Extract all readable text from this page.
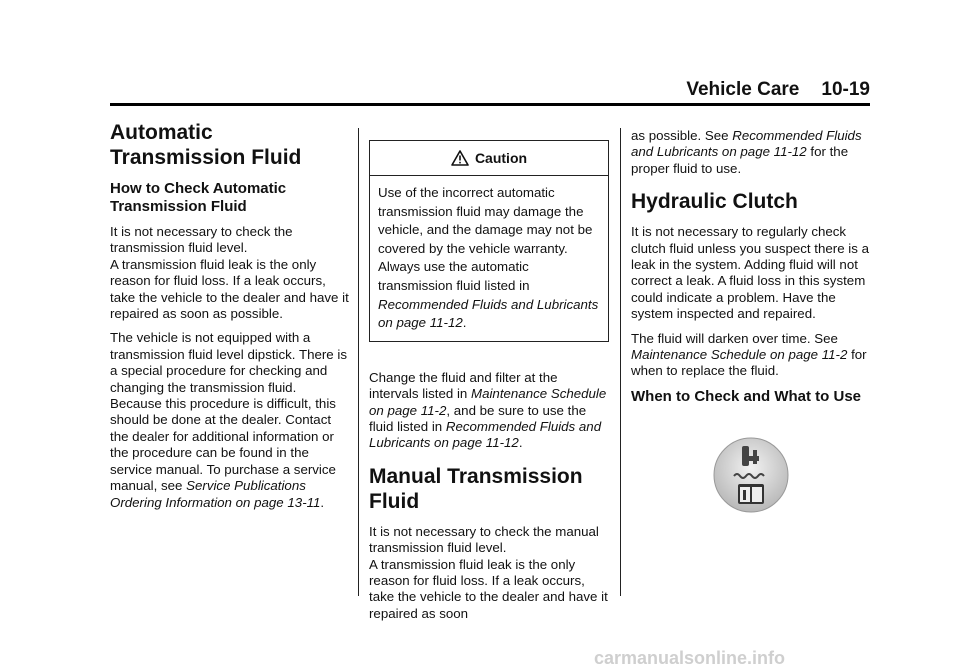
Vehicle Care 10-19
Automatic Transmission Fluid
How to Check Automatic Transmission Fluid

It is not necessary to check the transmission fluid level.

A transmission fluid leak is the only reason for fluid loss. If a leak occurs, take the vehicle to the dealer and have it repaired as soon as possible.

The vehicle is not equipped with a transmission fluid level dipstick. There is a special procedure for checking and changing the transmission fluid. Because this procedure is difficult, this should be done at the dealer. Contact the dealer for additional information or the procedure can be found in the service manual. To purchase a service manual, see Service Publications Ordering Information on page 13-11.

Caution
Use of the incorrect automatic transmission fluid may damage the vehicle, and the damage may not be covered by the vehicle warranty. Always use the automatic transmission fluid listed in Recommended Fluids and Lubricants on page 11-12.

Change the fluid and filter at the intervals listed in Maintenance Schedule on page 11-2, and be sure to use the fluid listed in Recommended Fluids and Lubricants on page 11-12.

Manual Transmission Fluid

It is not necessary to check the manual transmission fluid level.

A transmission fluid leak is the only reason for fluid loss. If a leak occurs, take the vehicle to the dealer and have it repaired as soon

as possible. See Recommended Fluids and Lubricants on page 11-12 for the proper fluid to use.

Hydraulic Clutch

It is not necessary to regularly check clutch fluid unless you suspect there is a leak in the system. Adding fluid will not correct a leak. A fluid loss in this system could indicate a problem. Have the system inspected and repaired.

The fluid will darken over time. See Maintenance Schedule on page 11-2 for when to replace the fluid.

When to Check and What to Use
carmanualsonline.info
